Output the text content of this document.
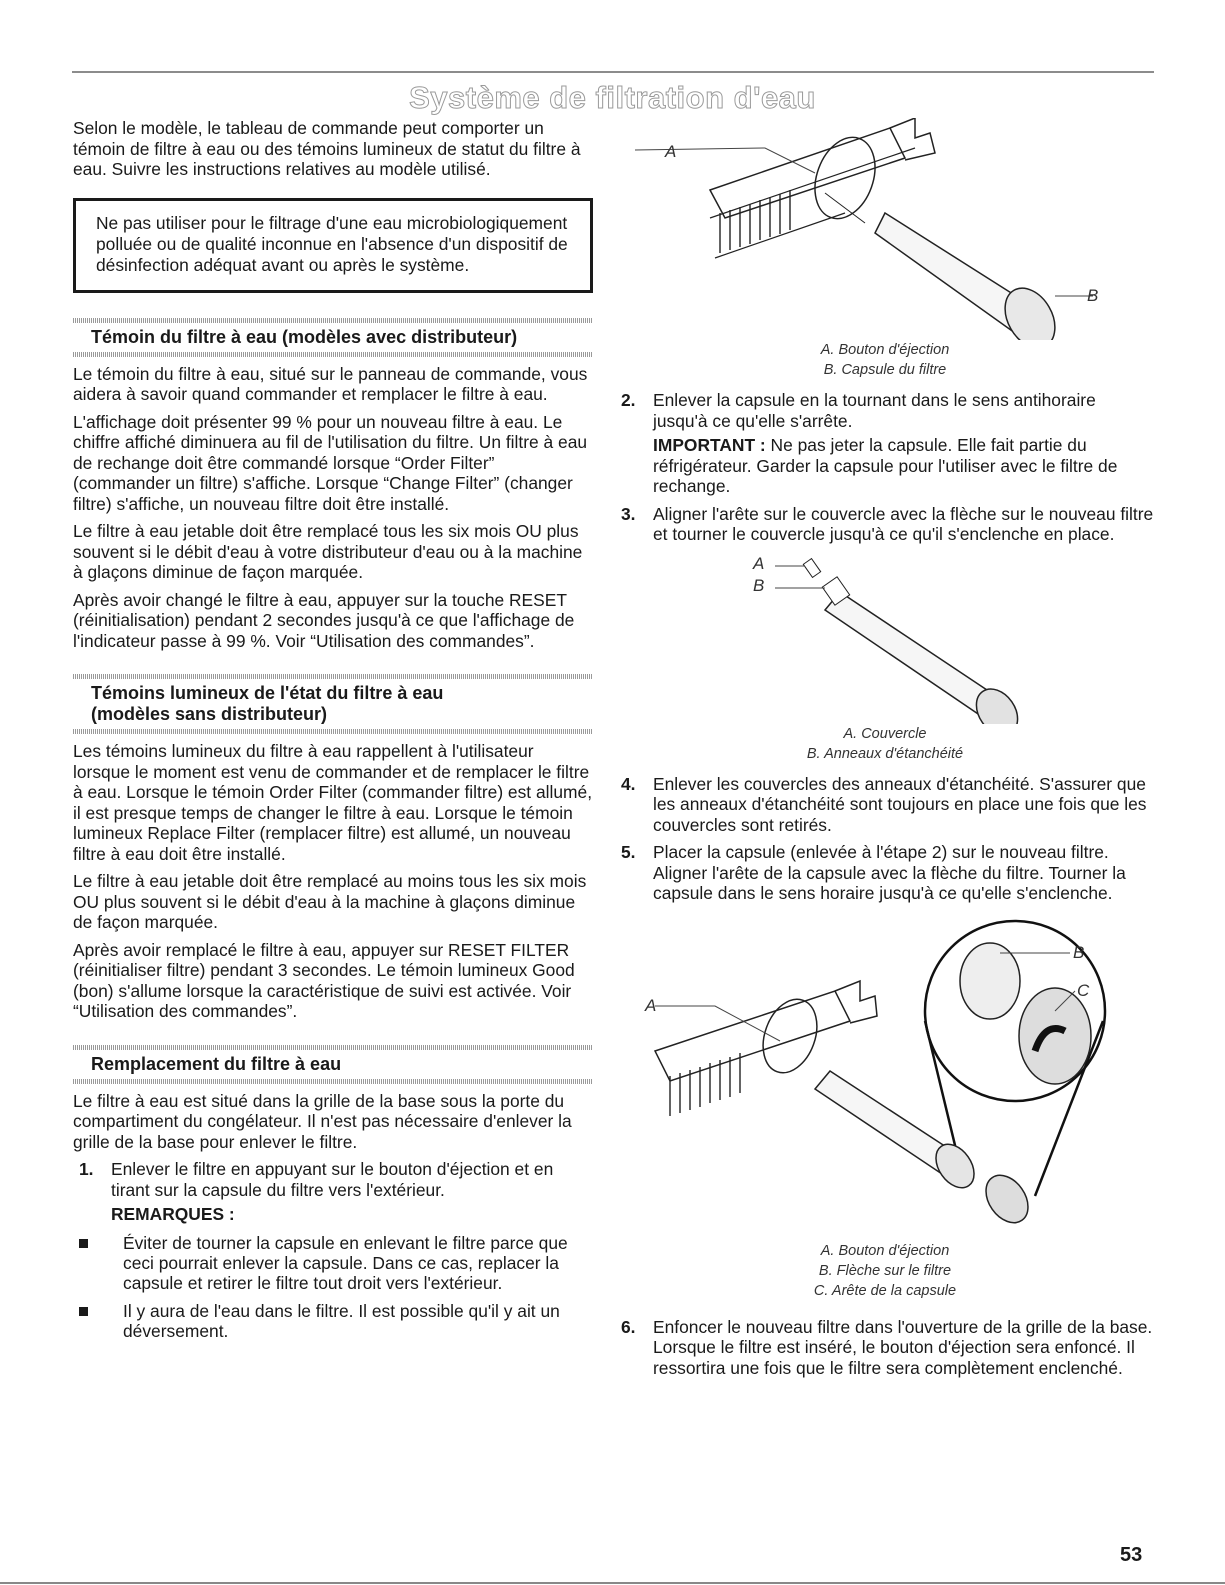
Système de filtration d'eau

Selon le modèle, le tableau de commande peut comporter un témoin de filtre à eau ou des témoins lumineux de statut du filtre à eau. Suivre les instructions relatives au modèle utilisé.

Ne pas utiliser pour le filtrage d'une eau microbiologiquement polluée ou de qualité inconnue en l'absence d'un dispositif de désinfection adéquat avant ou après le système.
Témoin du filtre à eau (modèles avec distributeur)

Le témoin du filtre à eau, situé sur le panneau de commande, vous aidera à savoir quand commander et remplacer le filtre à eau.

L'affichage doit présenter 99 % pour un nouveau filtre à eau. Le chiffre affiché diminuera au fil de l'utilisation du filtre. Un filtre à eau de rechange doit être commandé lorsque “Order Filter” (commander un filtre) s'affiche. Lorsque “Change Filter” (changer filtre) s'affiche, un nouveau filtre doit être installé.

Le filtre à eau jetable doit être remplacé tous les six mois OU plus souvent si le débit d'eau à votre distributeur d'eau ou à la machine à glaçons diminue de façon marquée.

Après avoir changé le filtre à eau, appuyer sur la touche RESET (réinitialisation) pendant 2 secondes jusqu'à ce que l'affichage de l'indicateur passe à 99 %. Voir “Utilisation des commandes”.

Témoins lumineux de l'état du filtre à eau
(modèles sans distributeur)

Les témoins lumineux du filtre à eau rappellent à l'utilisateur lorsque le moment est venu de commander et de remplacer le filtre à eau. Lorsque le témoin Order Filter (commander filtre) est allumé, il est presque temps de changer le filtre à eau. Lorsque le témoin lumineux Replace Filter (remplacer filtre) est allumé, un nouveau filtre à eau doit être installé.

Le filtre à eau jetable doit être remplacé au moins tous les six mois OU plus souvent si le débit d'eau à la machine à glaçons diminue de façon marquée.

Après avoir remplacé le filtre à eau, appuyer sur RESET FILTER (réinitialiser filtre) pendant 3 secondes. Le témoin lumineux Good (bon) s'allume lorsque la caractéristique de suivi est activée. Voir “Utilisation des commandes”.

Remplacement du filtre à eau

Le filtre à eau est situé dans la grille de la base sous la porte du compartiment du congélateur. Il n'est pas nécessaire d'enlever la grille de la base pour enlever le filtre.

1. Enlever le filtre en appuyant sur le bouton d'éjection et en tirant sur la capsule du filtre vers l'extérieur.

REMARQUES :
Éviter de tourner la capsule en enlevant le filtre parce que ceci pourrait enlever la capsule. Dans ce cas, replacer la capsule et retirer le filtre tout droit vers l'extérieur.
Il y aura de l'eau dans le filtre. Il est possible qu'il y ait un déversement.
A
B
A. Bouton d'éjection
B. Capsule du filtre
2. Enlever la capsule en la tournant dans le sens antihoraire jusqu'à ce qu'elle s'arrête.

IMPORTANT : Ne pas jeter la capsule. Elle fait partie du réfrigérateur. Garder la capsule pour l'utiliser avec le filtre de rechange.

3. Aligner l'arête sur le couvercle avec la flèche sur le nouveau filtre et tourner le couvercle jusqu'à ce qu'il s'enclenche en place.

A
B
A. Couvercle
B. Anneaux d'étanchéité
4. Enlever les couvercles des anneaux d'étanchéité. S'assurer que les anneaux d'étanchéité sont toujours en place une fois que les couvercles sont retirés.

5. Placer la capsule (enlevée à l'étape 2) sur le nouveau filtre. Aligner l'arête de la capsule avec la flèche du filtre. Tourner la capsule dans le sens horaire jusqu'à ce qu'elle s'enclenche.

A
B
C
A. Bouton d'éjection
B. Flèche sur le filtre
C. Arête de la capsule
6. Enfoncer le nouveau filtre dans l'ouverture de la grille de la base. Lorsque le filtre est inséré, le bouton d'éjection sera enfoncé. Il ressortira une fois que le filtre sera complètement enclenché.

53
